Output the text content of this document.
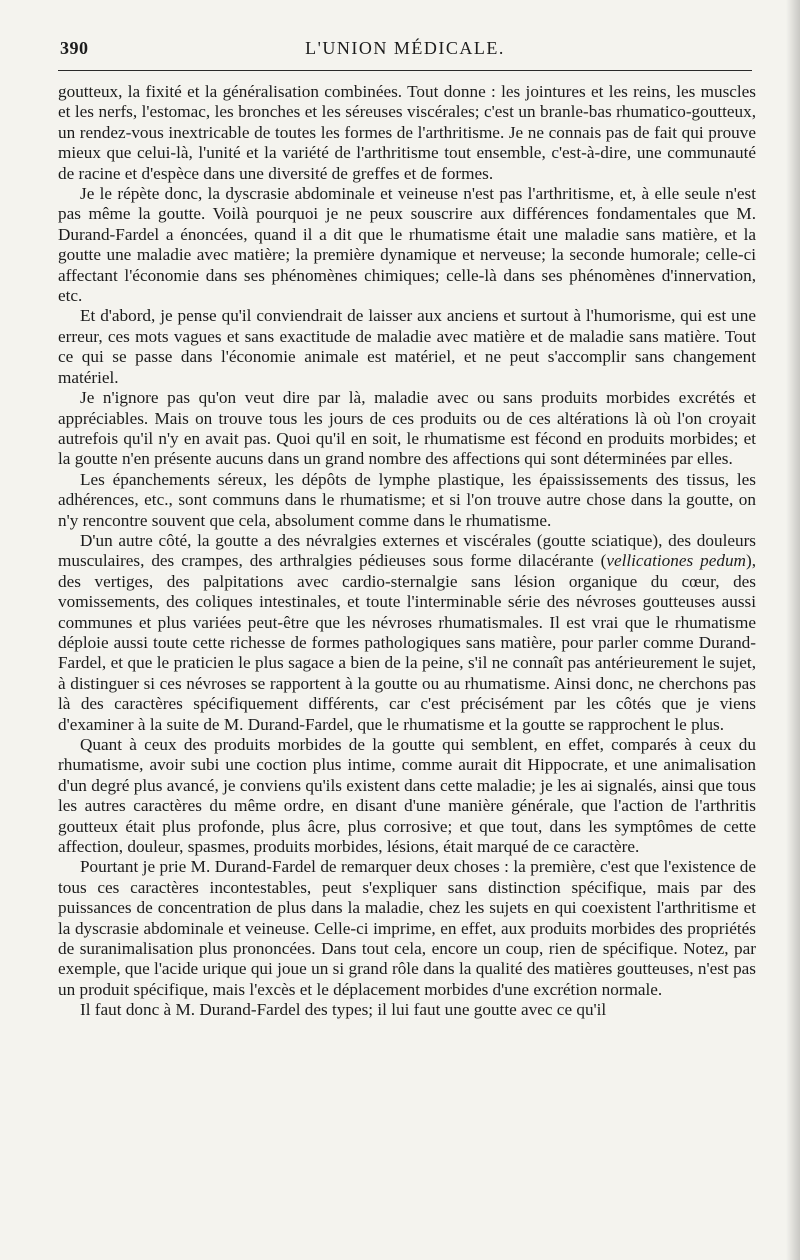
390	L'UNION MÉDICALE.

goutteux, la fixité et la généralisation combinées. Tout donne : les jointures et les reins, les muscles et les nerfs, l'estomac, les bronches et les séreuses viscérales; c'est un branle-bas rhumatico-goutteux, un rendez-vous inextricable de toutes les formes de l'arthritisme. Je ne connais pas de fait qui prouve mieux que celui-là, l'unité et la variété de l'arthritisme tout ensemble, c'est-à-dire, une communauté de racine et d'espèce dans une diversité de greffes et de formes.

Je le répète donc, la dyscrasie abdominale et veineuse n'est pas l'arthritisme, et, à elle seule n'est pas même la goutte. Voilà pourquoi je ne peux souscrire aux différences fondamentales que M. Durand-Fardel a énoncées, quand il a dit que le rhumatisme était une maladie sans matière, et la goutte une maladie avec matière; la première dynamique et nerveuse; la seconde humorale; celle-ci affectant l'économie dans ses phénomènes chimiques; celle-là dans ses phénomènes d'innervation, etc.

Et d'abord, je pense qu'il conviendrait de laisser aux anciens et surtout à l'humorisme, qui est une erreur, ces mots vagues et sans exactitude de maladie avec matière et de maladie sans matière. Tout ce qui se passe dans l'économie animale est matériel, et ne peut s'accomplir sans changement matériel.

Je n'ignore pas qu'on veut dire par là, maladie avec ou sans produits morbides excrétés et appréciables. Mais on trouve tous les jours de ces produits ou de ces altérations là où l'on croyait autrefois qu'il n'y en avait pas. Quoi qu'il en soit, le rhumatisme est fécond en produits morbides; et la goutte n'en présente aucuns dans un grand nombre des affections qui sont déterminées par elles.

Les épanchements séreux, les dépôts de lymphe plastique, les épaississements des tissus, les adhérences, etc., sont communs dans le rhumatisme; et si l'on trouve autre chose dans la goutte, on n'y rencontre souvent que cela, absolument comme dans le rhumatisme.

D'un autre côté, la goutte a des névralgies externes et viscérales (goutte sciatique), des douleurs musculaires, des crampes, des arthralgies pédieuses sous forme dilacérante (vellicationes pedum), des vertiges, des palpitations avec cardio-sternalgie sans lésion organique du cœur, des vomissements, des coliques intestinales, et toute l'interminable série des névroses goutteuses aussi communes et plus variées peut-être que les névroses rhumatismales. Il est vrai que le rhumatisme déploie aussi toute cette richesse de formes pathologiques sans matière, pour parler comme Durand-Fardel, et que le praticien le plus sagace a bien de la peine, s'il ne connaît pas antérieurement le sujet, à distinguer si ces névroses se rapportent à la goutte ou au rhumatisme. Ainsi donc, ne cherchons pas là des caractères spécifiquement différents, car c'est précisément par les côtés que je viens d'examiner à la suite de M. Durand-Fardel, que le rhumatisme et la goutte se rapprochent le plus.

Quant à ceux des produits morbides de la goutte qui semblent, en effet, comparés à ceux du rhumatisme, avoir subi une coction plus intime, comme aurait dit Hippocrate, et une animalisation d'un degré plus avancé, je conviens qu'ils existent dans cette maladie; je les ai signalés, ainsi que tous les autres caractères du même ordre, en disant d'une manière générale, que l'action de l'arthritis goutteux était plus profonde, plus âcre, plus corrosive; et que tout, dans les symptômes de cette affection, douleur, spasmes, produits morbides, lésions, était marqué de ce caractère.

Pourtant je prie M. Durand-Fardel de remarquer deux choses : la première, c'est que l'existence de tous ces caractères incontestables, peut s'expliquer sans distinction spécifique, mais par des puissances de concentration de plus dans la maladie, chez les sujets en qui coexistent l'arthritisme et la dyscrasie abdominale et veineuse. Celle-ci imprime, en effet, aux produits morbides des propriétés de suranimalisation plus prononcées. Dans tout cela, encore un coup, rien de spécifique. Notez, par exemple, que l'acide urique qui joue un si grand rôle dans la qualité des matières goutteuses, n'est pas un produit spécifique, mais l'excès et le déplacement morbides d'une excrétion normale.

Il faut donc à M. Durand-Fardel des types; il lui faut une goutte avec ce qu'il
